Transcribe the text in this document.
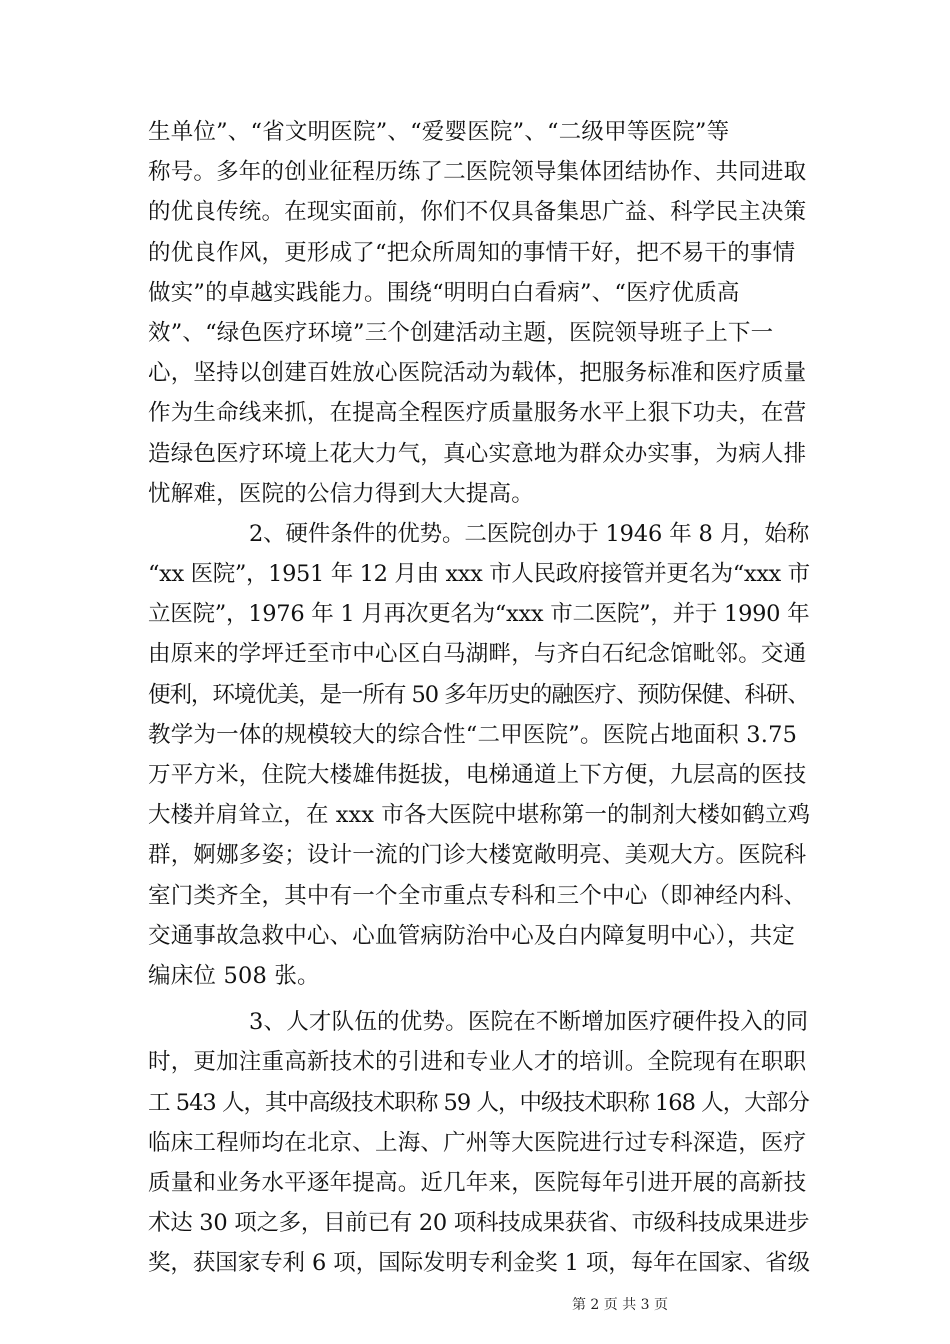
生单位”、“省文明医院”、“爱婴医院”、“二级甲等医院”等
称号。多年的创业征程历练了二医院领导集体团结协作、共同进取
的优良传统。在现实面前，你们不仅具备集思广益、科学民主决策
的优良作风，更形成了“把众所周知的事情干好，把不易干的事情
做实”的卓越实践能力。围绕“明明白白看病”、“医疗优质高
效”、“绿色医疗环境”三个创建活动主题，医院领导班子上下一
心，坚持以创建百姓放心医院活动为载体，把服务标准和医疗质量
作为生命线来抓，在提高全程医疗质量服务水平上狠下功夫，在营
造绿色医疗环境上花大力气，真心实意地为群众办实事，为病人排
忧解难，医院的公信力得到大大提高。
2、硬件条件的优势。二医院创办于 1946 年 8 月，始称
“xx 医院”，1951 年 12 月由 xxx 市人民政府接管并更名为“xxx 市
立医院”，1976 年 1 月再次更名为“xxx 市二医院”，并于 1990 年
由原来的学坪迁至市中心区白马湖畔，与齐白石纪念馆毗邻。交通
便利，环境优美，是一所有 50 多年历史的融医疗、预防保健、科研、
教学为一体的规模较大的综合性“二甲医院”。医院占地面积 3.75
万平方米，住院大楼雄伟挺拔，电梯通道上下方便，九层高的医技
大楼并肩耸立，在 xxx 市各大医院中堪称第一的制剂大楼如鹤立鸡
群，婀娜多姿；设计一流的门诊大楼宽敞明亮、美观大方。医院科
室门类齐全，其中有一个全市重点专科和三个中心（即神经内科、
交通事故急救中心、心血管病防治中心及白内障复明中心），共定
编床位 508 张。
3、人才队伍的优势。医院在不断增加医疗硬件投入的同
时，更加注重高新技术的引进和专业人才的培训。全院现有在职职
工 543 人，其中高级技术职称 59 人，中级技术职称 168 人，大部分
临床工程师均在北京、上海、广州等大医院进行过专科深造，医疗
质量和业务水平逐年提高。近几年来，医院每年引进开展的高新技
术达 30 项之多，目前已有 20 项科技成果获省、市级科技成果进步
奖，获国家专利 6 项，国际发明专利金奖 1 项，每年在国家、省级
第 2 页 共 3 页
